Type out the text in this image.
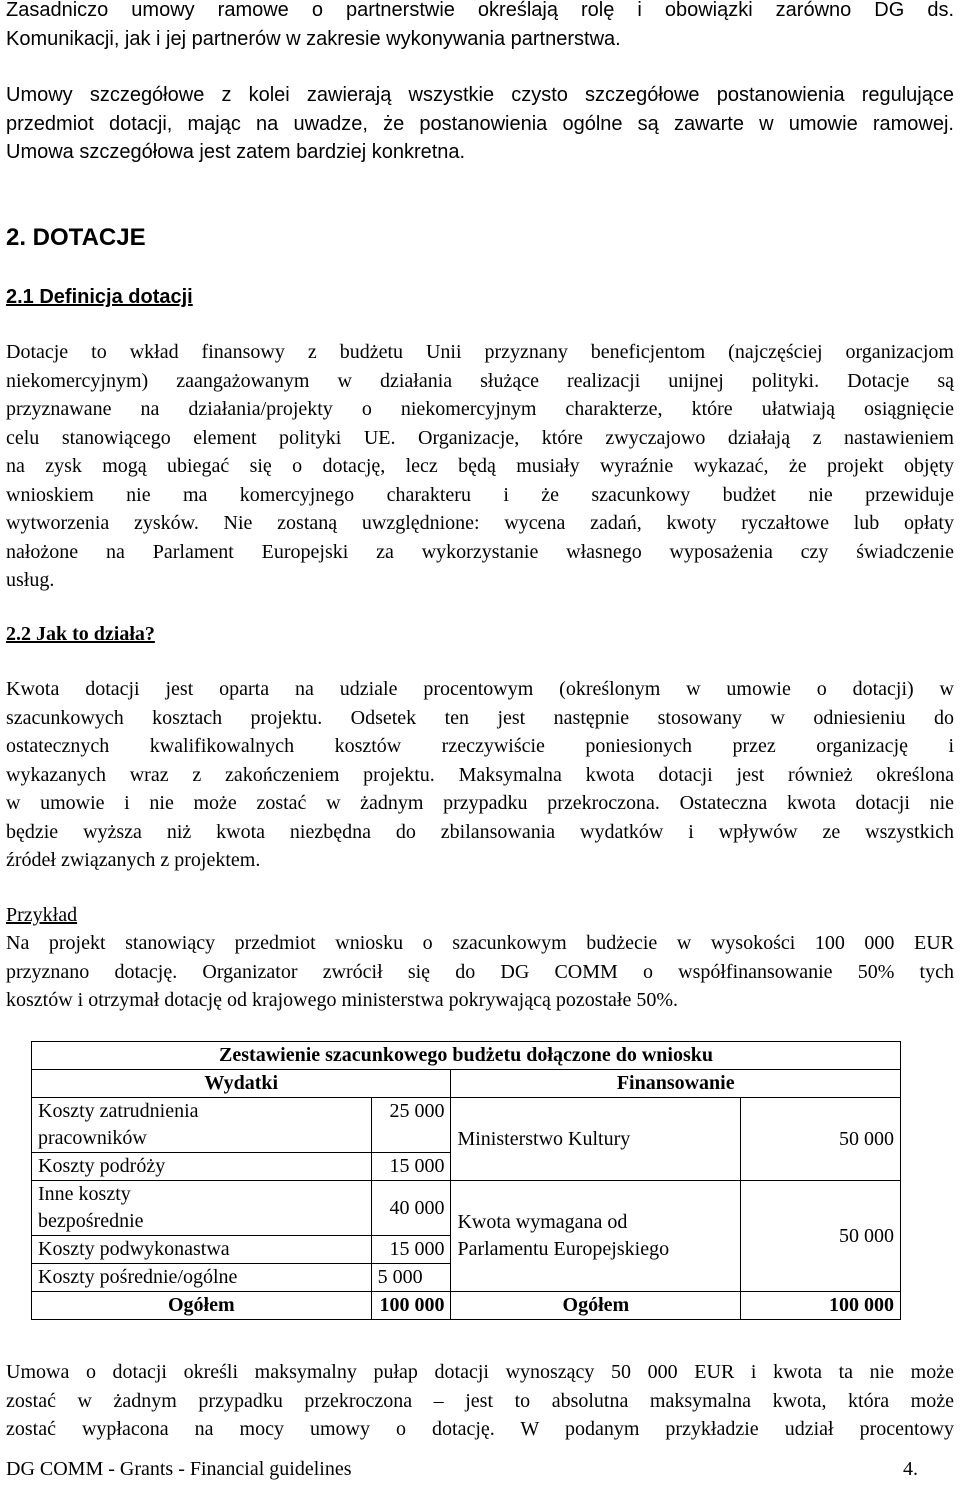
Zasadniczo umowy ramowe o partnerstwie określają rolę i obowiązki zarówno DG ds.
Komunikacji, jak i jej partnerów w zakresie wykonywania partnerstwa.
Umowy szczegółowe z kolei zawierają wszystkie czysto szczegółowe postanowienia regulujące
przedmiot dotacji, mając na uwadze, że postanowienia ogólne są zawarte w umowie ramowej.
Umowa szczegółowa jest zatem bardziej konkretna.
2. DOTACJE
2.1 Definicja dotacji
Dotacje to wkład finansowy z budżetu Unii przyznany beneficjentom (najczęściej organizacjom
niekomercyjnym) zaangażowanym w działania służące realizacji unijnej polityki. Dotacje są
przyznawane na działania/projekty o niekomercyjnym charakterze, które ułatwiają osiągnięcie
celu stanowiącego element polityki UE. Organizacje, które zwyczajowo działają z nastawieniem
na zysk mogą ubiegać się o dotację, lecz będą musiały wyraźnie wykazać, że projekt objęty
wnioskiem nie ma komercyjnego charakteru i że szacunkowy budżet nie przewiduje
wytworzenia zysków. Nie zostaną uwzględnione: wycena zadań, kwoty ryczałtowe lub opłaty
nałożone na Parlament Europejski za wykorzystanie własnego wyposażenia czy świadczenie
usług.
2.2 Jak to działa?
Kwota dotacji jest oparta na udziale procentowym (określonym w umowie o dotacji) w
szacunkowych kosztach projektu. Odsetek ten jest następnie stosowany w odniesieniu do
ostatecznych kwalifikowalnych kosztów rzeczywiście poniesionych przez organizację i
wykazanych wraz z zakończeniem projektu. Maksymalna kwota dotacji jest również określona
w umowie i nie może zostać w żadnym przypadku przekroczona. Ostateczna kwota dotacji nie
będzie wyższa niż kwota niezbędna do zbilansowania wydatków i wpływów ze wszystkich
źródeł związanych z projektem.
Przykład
Na projekt stanowiący przedmiot wniosku o szacunkowym budżecie w wysokości 100 000 EUR
przyznano dotację. Organizator zwrócił się do DG COMM o współfinansowanie 50% tych
kosztów i otrzymał dotację od krajowego ministerstwa pokrywającą pozostałe 50%.
Zestawienie szacunkowego budżetu dołączone do wniosku			
Wydatki		Finansowanie	

Koszty zatrudnienia
pracowników	25 000	Ministerstwo Kultury	50 000
Koszty podróży	15 000		

Inne koszty
bezpośrednie	40 000	Kwota wymagana od
Parlamentu Europejskiego	50 000
Koszty podwykonastwa	15 000		
Koszty pośrednie/ogólne	5 000		
Ogółem	100 000	Ogółem	100 000
Umowa o dotacji określi maksymalny pułap dotacji wynoszący 50 000 EUR i kwota ta nie może
zostać w żadnym przypadku przekroczona – jest to absolutna maksymalna kwota, która może
zostać wypłacona na mocy umowy o dotację. W podanym przykładzie udział procentowy
DG COMM - Grants - Financial guidelines	4.
